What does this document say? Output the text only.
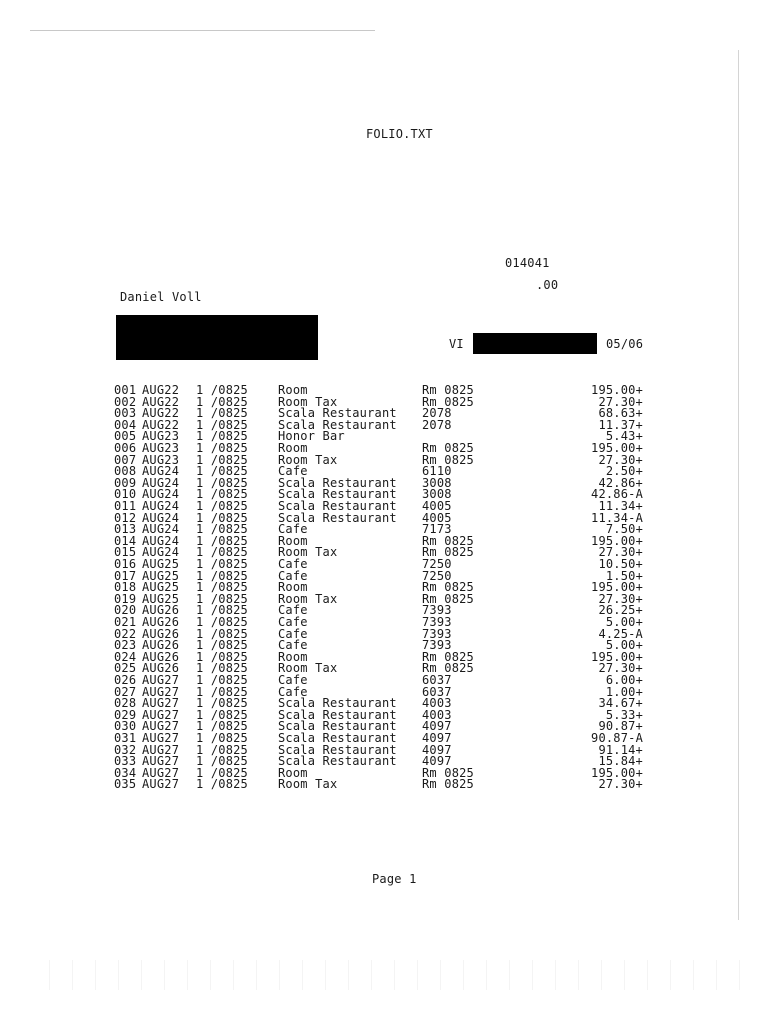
FOLIO.TXT
014041
.00
Daniel Voll
VI	05/06
001 AUG22 1 /0825	Room	Rm 0825	195.00+
002 AUG22 1 /0825	Room Tax	Rm 0825	27.30+
003 AUG22 1 /0825	Scala Restaurant 2078	68.63+
004 AUG22 1 /0825	Scala Restaurant 2078	11.37+
005 AUG23 1 /0825	Honor Bar	5.43+
006 AUG23 1 /0825	Room	Rm 0825	195.00+
007 AUG23 1 /0825	Room Tax	Rm 0825	27.30+
008 AUG24 1 /0825	Cafe	6110	2.50+
009 AUG24 1 /0825	Scala Restaurant 3008	42.86+
010 AUG24 1 /0825	Scala Restaurant 3008	42.86-A
011 AUG24 1 /0825	Scala Restaurant 4005	11.34+
012 AUG24 1 /0825	Scala Restaurant 4005	11.34-A
013 AUG24 1 /0825	Cafe	7173	7.50+
014 AUG24 1 /0825	Room	Rm 0825	195.00+
015 AUG24 1 /0825	Room Tax	Rm 0825	27.30+
016 AUG25 1 /0825	Cafe	7250	10.50+
017 AUG25 1 /0825	Cafe	7250	1.50+
018 AUG25 1 /0825	Room	Rm 0825	195.00+
019 AUG25 1 /0825	Room Tax	Rm 0825	27.30+
020 AUG26 1 /0825	Cafe	7393	26.25+
021 AUG26 1 /0825	Cafe	7393	5.00+
022 AUG26 1 /0825	Cafe	7393	4.25-A
023 AUG26 1 /0825	Cafe	7393	5.00+
024 AUG26 1 /0825	Room	Rm 0825	195.00+
025 AUG26 1 /0825	Room Tax	Rm 0825	27.30+
026 AUG27 1 /0825	Cafe	6037	6.00+
027 AUG27 1 /0825	Cafe	6037	1.00+
028 AUG27 1 /0825	Scala Restaurant 4003	34.67+
029 AUG27 1 /0825	Scala Restaurant 4003	5.33+
030 AUG27 1 /0825	Scala Restaurant 4097	90.87+
031 AUG27 1 /0825	Scala Restaurant 4097	90.87-A
032 AUG27 1 /0825	Scala Restaurant 4097	91.14+
033 AUG27 1 /0825	Scala Restaurant 4097	15.84+
034 AUG27 1 /0825	Room	Rm 0825	195.00+
035 AUG27 1 /0825	Room Tax	Rm 0825	27.30+
Page 1
